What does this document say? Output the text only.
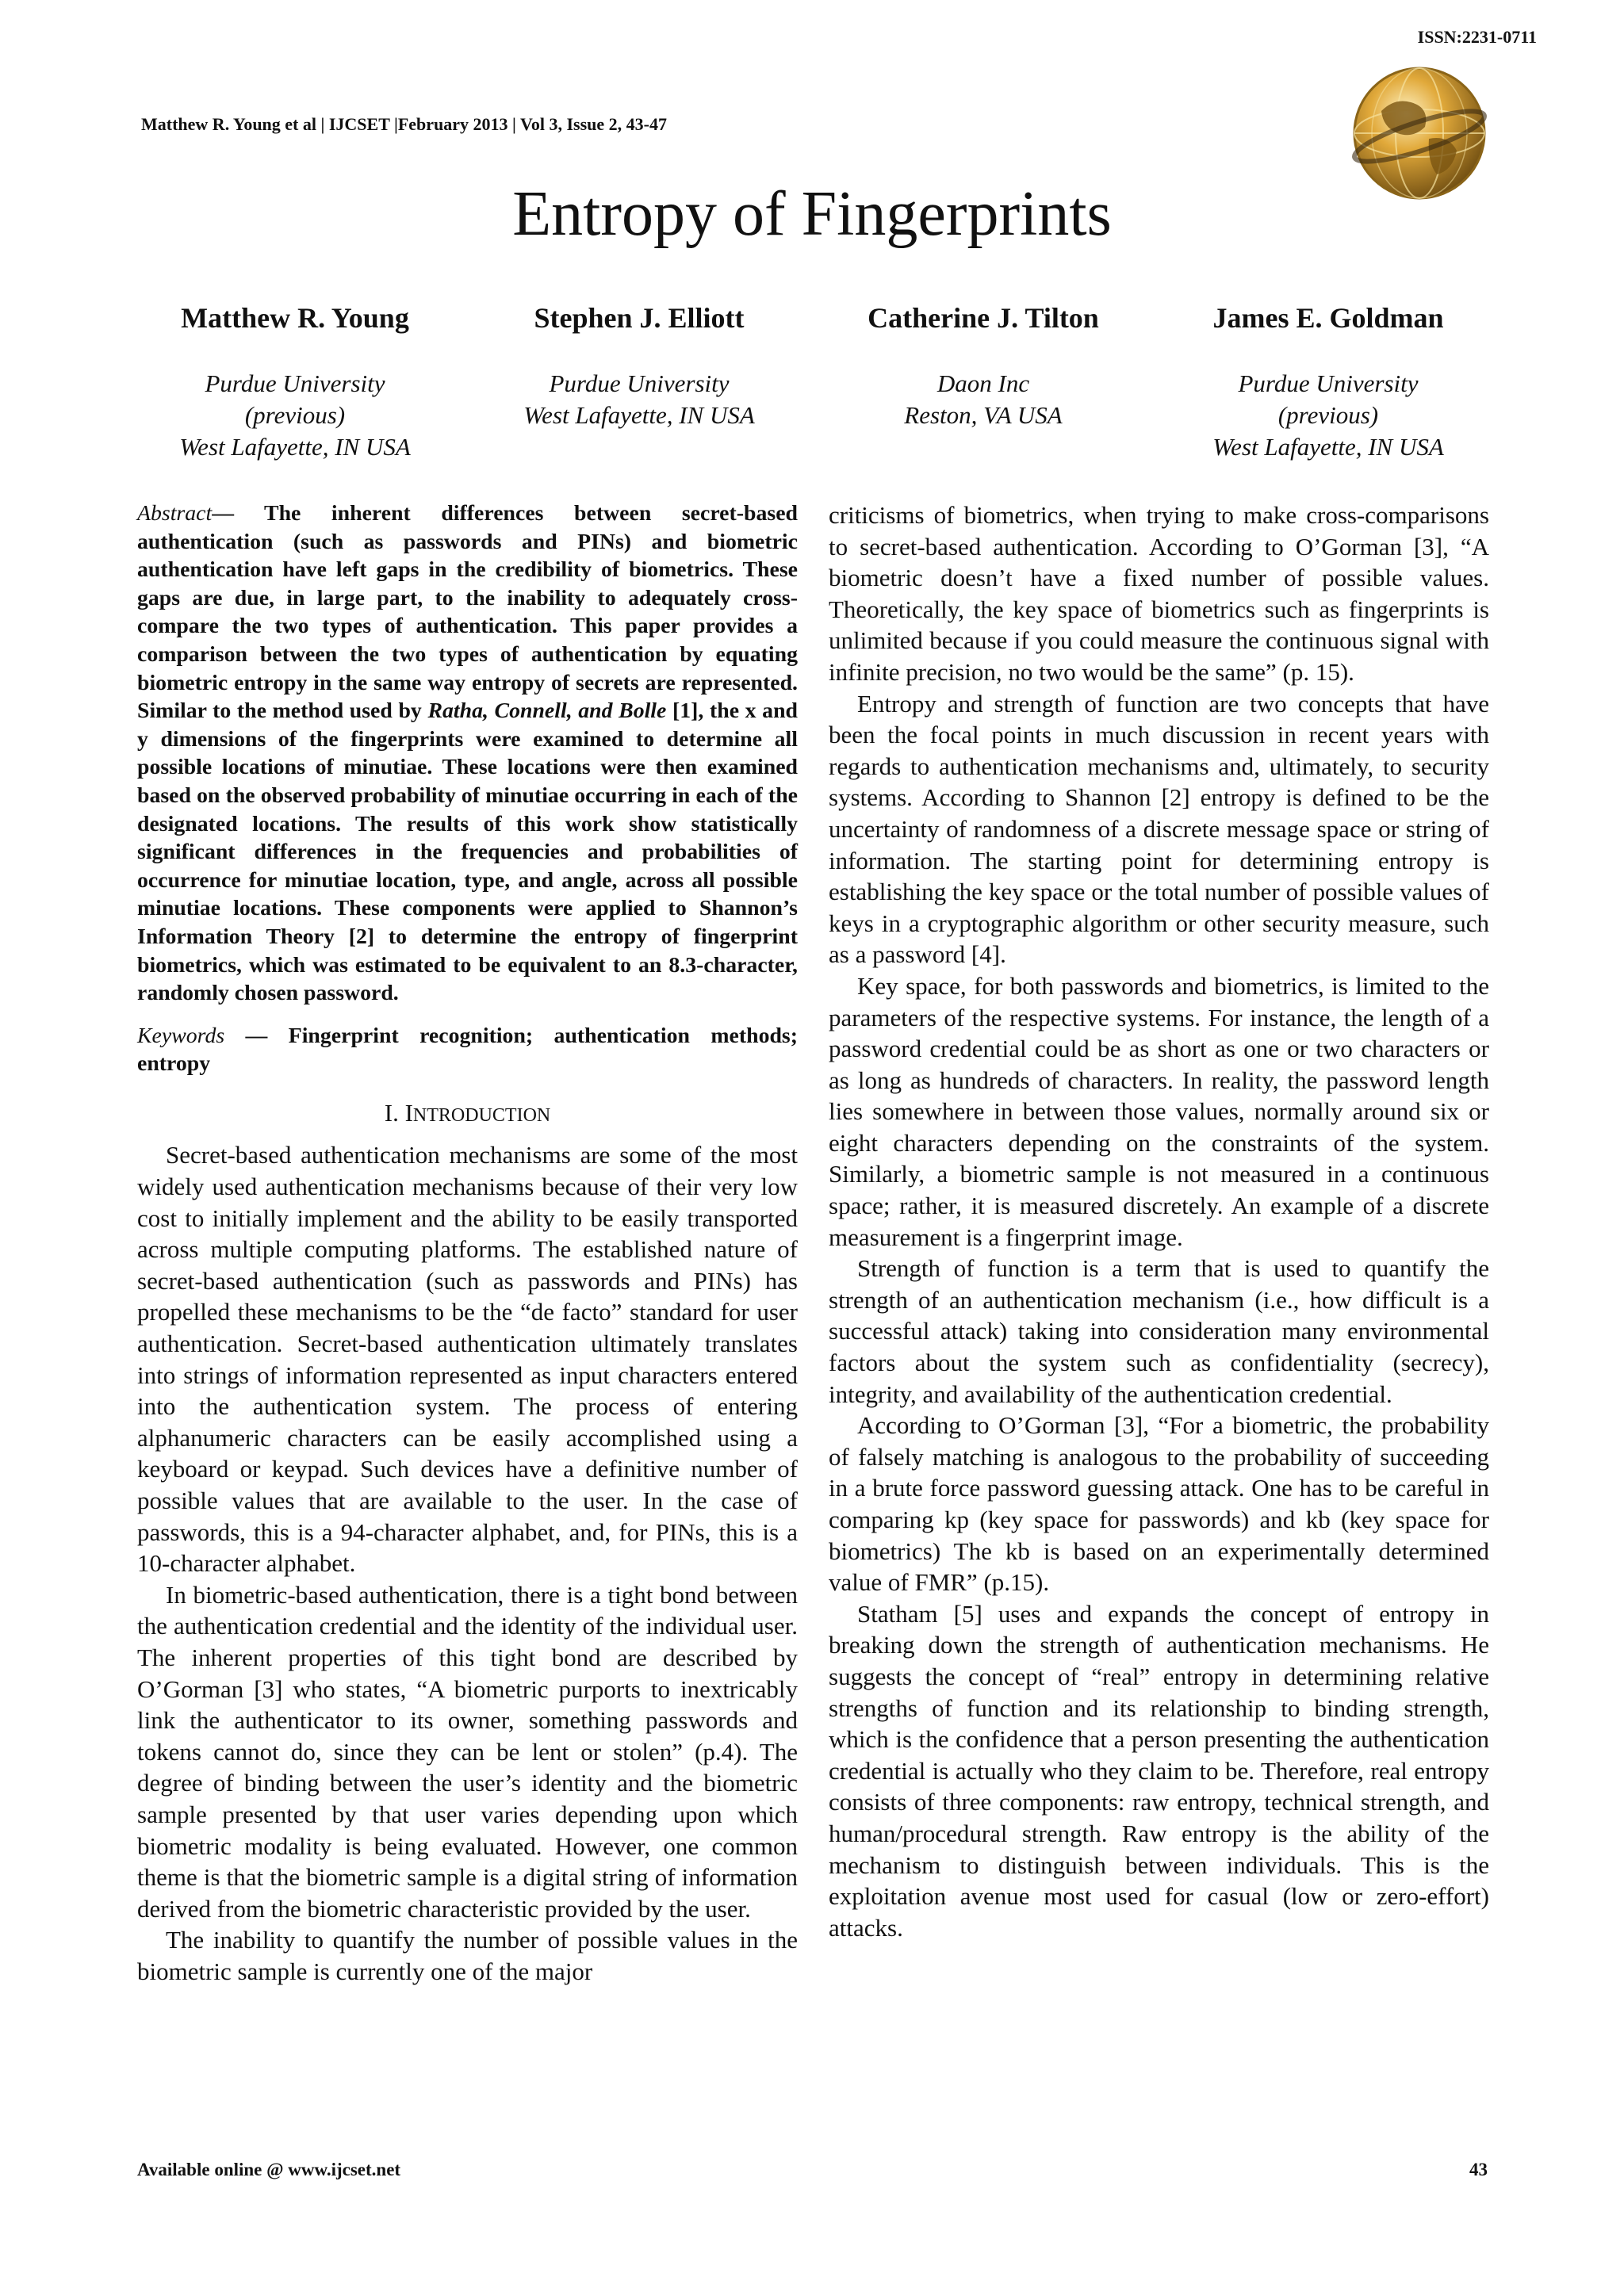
ISSN:2231-0711
Matthew R. Young et al | IJCSET |February 2013 | Vol 3, Issue 2, 43-47
Entropy of Fingerprints
Matthew R. Young
Purdue University
(previous)
West Lafayette, IN USA
Stephen J. Elliott
Purdue University
West Lafayette, IN USA
Catherine J. Tilton
Daon Inc
Reston, VA USA
James E. Goldman
Purdue University
(previous)
West Lafayette, IN USA

Abstract— The inherent differences between secret-based authentication (such as passwords and PINs) and biometric authentication have left gaps in the credibility of biometrics. These gaps are due, in large part, to the inability to adequately cross-compare the two types of authentication. This paper provides a comparison between the two types of authentication by equating biometric entropy in the same way entropy of secrets are represented. Similar to the method used by Ratha, Connell, and Bolle [1], the x and y dimensions of the fingerprints were examined to determine all possible locations of minutiae. These locations were then examined based on the observed probability of minutiae occurring in each of the designated locations. The results of this work show statistically significant differences in the frequencies and probabilities of occurrence for minutiae location, type, and angle, across all possible minutiae locations. These components were applied to Shannon’s Information Theory [2] to determine the entropy of fingerprint biometrics, which was estimated to be equivalent to an 8.3-character, randomly chosen password.

Keywords — Fingerprint recognition; authentication methods; entropy

I. INTRODUCTION

Secret-based authentication mechanisms are some of the most widely used authentication mechanisms because of their very low cost to initially implement and the ability to be easily transported across multiple computing platforms. The established nature of secret-based authentication (such as passwords and PINs) has propelled these mechanisms to be the “de facto” standard for user authentication. Secret-based authentication ultimately translates into strings of information represented as input characters entered into the authentication system. The process of entering alphanumeric characters can be easily accomplished using a keyboard or keypad. Such devices have a definitive number of possible values that are available to the user. In the case of passwords, this is a 94-character alphabet, and, for PINs, this is a 10-character alphabet.

In biometric-based authentication, there is a tight bond between the authentication credential and the identity of the individual user. The inherent properties of this tight bond are described by O’Gorman [3] who states, “A biometric purports to inextricably link the authenticator to its owner, something passwords and tokens cannot do, since they can be lent or stolen” (p.4). The degree of binding between the user’s identity and the biometric sample presented by that user varies depending upon which biometric modality is being evaluated. However, one common theme is that the biometric sample is a digital string of information derived from the biometric characteristic provided by the user.

The inability to quantify the number of possible values in the biometric sample is currently one of the major

criticisms of biometrics, when trying to make cross-comparisons to secret-based authentication. According to O’Gorman [3], “A biometric doesn’t have a fixed number of possible values. Theoretically, the key space of biometrics such as fingerprints is unlimited because if you could measure the continuous signal with infinite precision, no two would be the same” (p. 15).

Entropy and strength of function are two concepts that have been the focal points in much discussion in recent years with regards to authentication mechanisms and, ultimately, to security systems. According to Shannon [2] entropy is defined to be the uncertainty of randomness of a discrete message space or string of information. The starting point for determining entropy is establishing the key space or the total number of possible values of keys in a cryptographic algorithm or other security measure, such as a password [4].

Key space, for both passwords and biometrics, is limited to the parameters of the respective systems. For instance, the length of a password credential could be as short as one or two characters or as long as hundreds of characters. In reality, the password length lies somewhere in between those values, normally around six or eight characters depending on the constraints of the system. Similarly, a biometric sample is not measured in a continuous space; rather, it is measured discretely. An example of a discrete measurement is a fingerprint image.

Strength of function is a term that is used to quantify the strength of an authentication mechanism (i.e., how difficult is a successful attack) taking into consideration many environmental factors about the system such as confidentiality (secrecy), integrity, and availability of the authentication credential.

According to O’Gorman [3], “For a biometric, the probability of falsely matching is analogous to the probability of succeeding in a brute force password guessing attack. One has to be careful in comparing kp (key space for passwords) and kb (key space for biometrics) The kb is based on an experimentally determined value of FMR” (p.15).

Statham [5] uses and expands the concept of entropy in breaking down the strength of authentication mechanisms. He suggests the concept of “real” entropy in determining relative strengths of function and its relationship to binding strength, which is the confidence that a person presenting the authentication credential is actually who they claim to be. Therefore, real entropy consists of three components: raw entropy, technical strength, and human/procedural strength. Raw entropy is the ability of the mechanism to distinguish between individuals. This is the exploitation avenue most used for casual (low or zero-effort) attacks.

Available online @ www.ijcset.net	43
